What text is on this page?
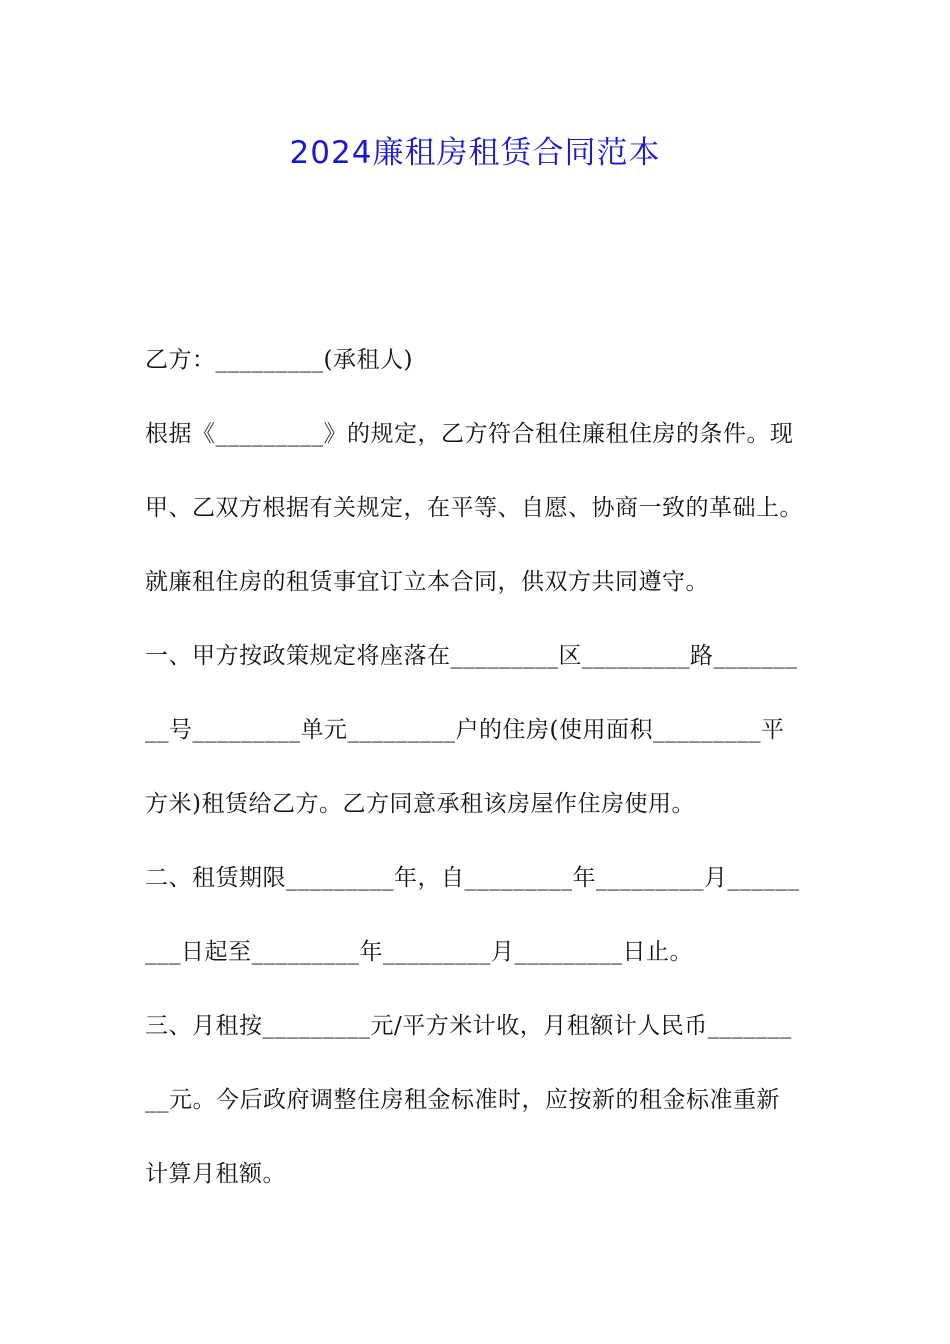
2024廉租房租赁合同范本

乙方：_________(承租人)

根据《_________》的规定，乙方符合租住廉租住房的条件。现

甲、乙双方根据有关规定，在平等、自愿、协商一致的革础上。

就廉租住房的租赁事宜订立本合同，供双方共同遵守。

一、甲方按政策规定将座落在_________区_________路_______

__号_________单元_________户的住房(使用面积_________平

方米)租赁给乙方。乙方同意承租该房屋作住房使用。

二、租赁期限_________年，自_________年_________月______

___日起至_________年_________月_________日止。

三、月租按_________元/平方米计收，月租额计人民币_______

__元。今后政府调整住房租金标准时，应按新的租金标准重新

计算月租额。
